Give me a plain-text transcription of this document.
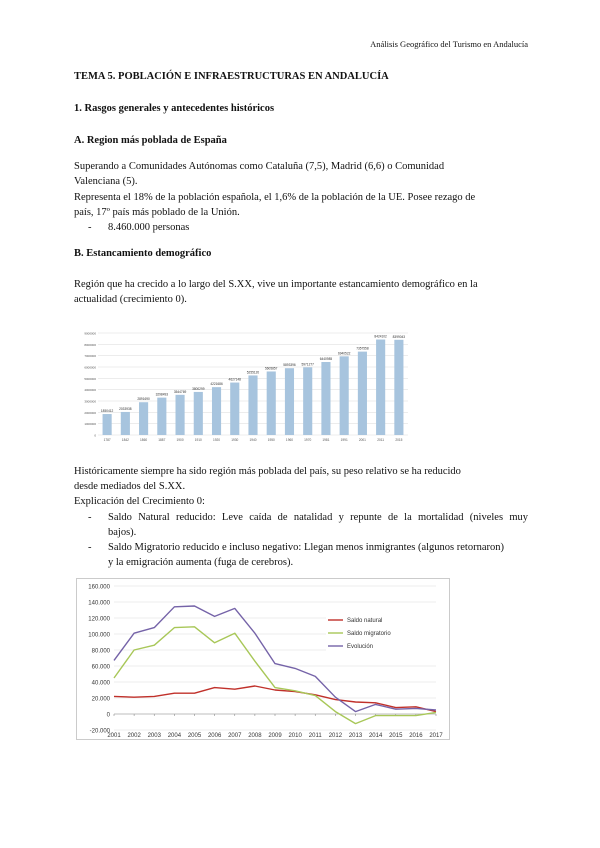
Análisis Geográfico del Turismo en Andalucía
TEMA 5. POBLACIÓN E INFRAESTRUCTURAS EN ANDALUCÍA
1. Rasgos generales y antecedentes históricos
A. Region más poblada de España
Superando a Comunidades Autónomas como Cataluña (7,5), Madrid (6,6) o Comunidad
Valenciana (5).
Representa el 18% de la población española, el 1,6% de la población de la UE. Posee rezago de
país, 17º país más poblado de la Unión.
-	8.460.000 personas
B. Estancamiento demográfico
Región que ha crecido a lo largo del S.XX, vive un importante estancamiento demográfico en la
actualidad (crecimiento 0).
0
1000000
2000000
3000000
4000000
5000000
6000000
7000000
8000000
9000000
1850412
1787
2033938
1842
2891690
1860
3298493
1887
3544769
1900
3800299
1910
4221686
1920
4627148
1930
5255120
1940
5605857
1950
5893396
1960
5971277
1970
6440985
1981
6940522
1991
7357558
2001
8424102
2011
8399043
2015
Históricamente siempre ha sido región más poblada del país, su peso relativo se ha reducido
desde mediados del S.XX.
Explicación del Crecimiento 0:
-	Saldo Natural reducido: Leve caída de natalidad y repunte de la mortalidad (niveles muy
bajos).
-	Saldo Migratorio reducido e incluso negativo: Llegan menos inmigrantes (algunos retornaron)
y la emigración aumenta (fuga de cerebros).
-20.000
0
20.000
40.000
60.000
80.000
100.000
120.000
140.000
160.000
2001 2002 2003 2004 2005 2006 2007 2008 2009 2010 2011 2012 2013 2014 2015 2016 2017
Saldo natural
Saldo migratorio
Evolución
